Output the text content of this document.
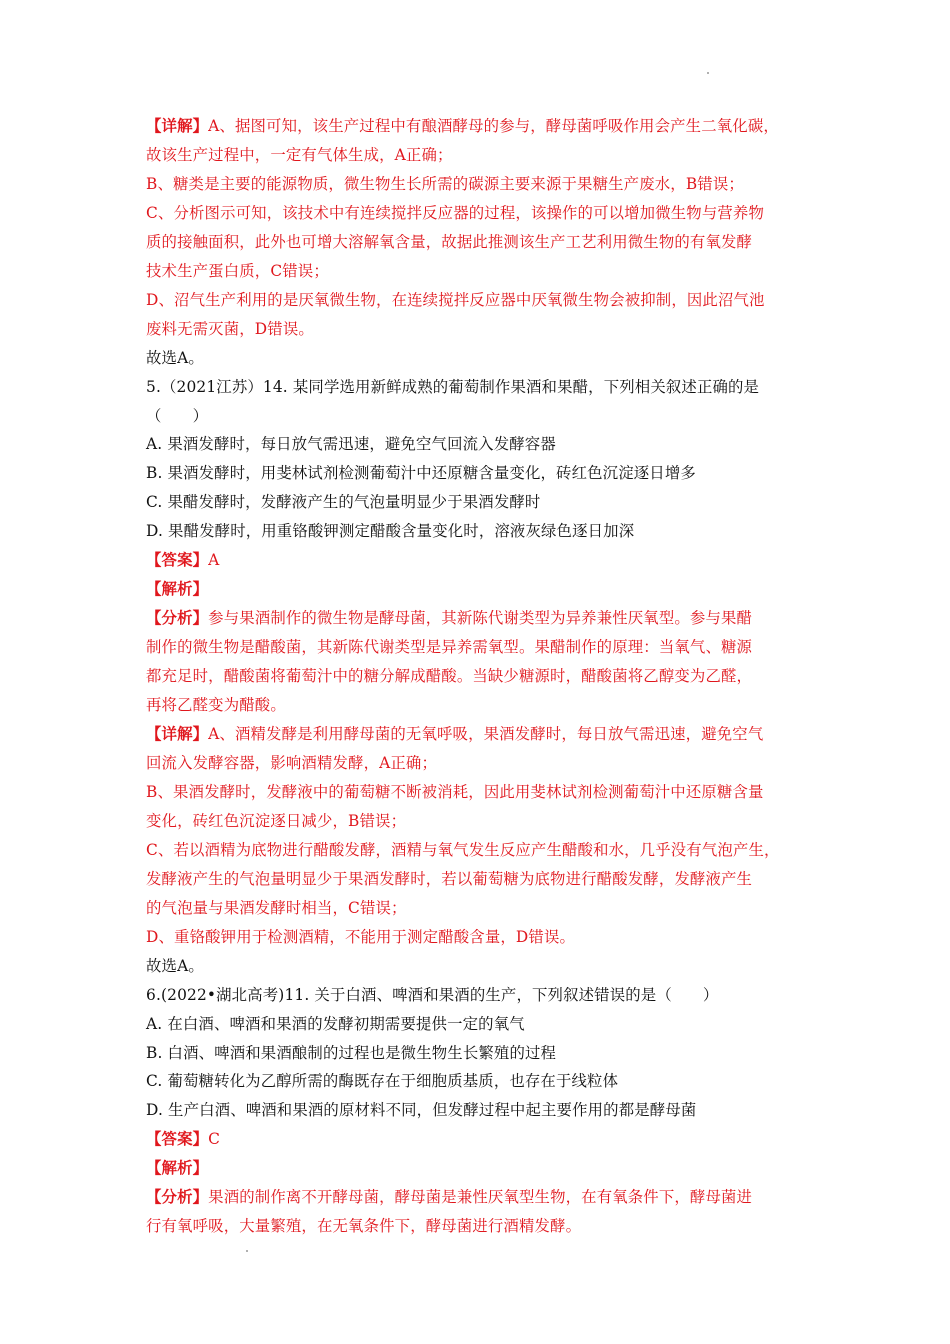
【详解】A、据图可知，该生产过程中有酿酒酵母的参与，酵母菌呼吸作用会产生二氧化碳，
故该生产过程中，一定有气体生成，A正确；
B、糖类是主要的能源物质，微生物生长所需的碳源主要来源于果糖生产废水，B错误；
C、分析图示可知，该技术中有连续搅拌反应器的过程，该操作的可以增加微生物与营养物
质的接触面积，此外也可增大溶解氧含量，故据此推测该生产工艺利用微生物的有氧发酵
技术生产蛋白质，C错误；
D、沼气生产利用的是厌氧微生物，在连续搅拌反应器中厌氧微生物会被抑制，因此沼气池
废料无需灭菌，D错误。
故选A。
5.（2021江苏）14. 某同学选用新鲜成熟的葡萄制作果酒和果醋，下列相关叙述正确的是
（　　）
A. 果酒发酵时，每日放气需迅速，避免空气回流入发酵容器
B. 果酒发酵时，用斐林试剂检测葡萄汁中还原糖含量变化，砖红色沉淀逐日增多
C. 果醋发酵时，发酵液产生的气泡量明显少于果酒发酵时
D. 果醋发酵时，用重铬酸钾测定醋酸含量变化时，溶液灰绿色逐日加深
【答案】A
【解析】
【分析】参与果酒制作的微生物是酵母菌，其新陈代谢类型为异养兼性厌氧型。参与果醋
制作的微生物是醋酸菌，其新陈代谢类型是异养需氧型。果醋制作的原理：当氧气、糖源
都充足时，醋酸菌将葡萄汁中的糖分解成醋酸。当缺少糖源时，醋酸菌将乙醇变为乙醛，
再将乙醛变为醋酸。
【详解】A、酒精发酵是利用酵母菌的无氧呼吸，果酒发酵时，每日放气需迅速，避免空气
回流入发酵容器，影响酒精发酵，A正确；
B、果酒发酵时，发酵液中的葡萄糖不断被消耗，因此用斐林试剂检测葡萄汁中还原糖含量
变化，砖红色沉淀逐日减少，B错误；
C、若以酒精为底物进行醋酸发酵，酒精与氧气发生反应产生醋酸和水，几乎没有气泡产生，
发酵液产生的气泡量明显少于果酒发酵时，若以葡萄糖为底物进行醋酸发酵，发酵液产生
的气泡量与果酒发酵时相当，C错误；
D、重铬酸钾用于检测酒精，不能用于测定醋酸含量，D错误。
故选A。
6.(2022•湖北高考)11. 关于白酒、啤酒和果酒的生产，下列叙述错误的是（　　）
A. 在白酒、啤酒和果酒的发酵初期需要提供一定的氧气
B. 白酒、啤酒和果酒酿制的过程也是微生物生长繁殖的过程
C. 葡萄糖转化为乙醇所需的酶既存在于细胞质基质，也存在于线粒体
D. 生产白酒、啤酒和果酒的原材料不同，但发酵过程中起主要作用的都是酵母菌
【答案】C
【解析】
【分析】果酒的制作离不开酵母菌，酵母菌是兼性厌氧型生物，在有氧条件下，酵母菌进
行有氧呼吸，大量繁殖，在无氧条件下，酵母菌进行酒精发酵。
